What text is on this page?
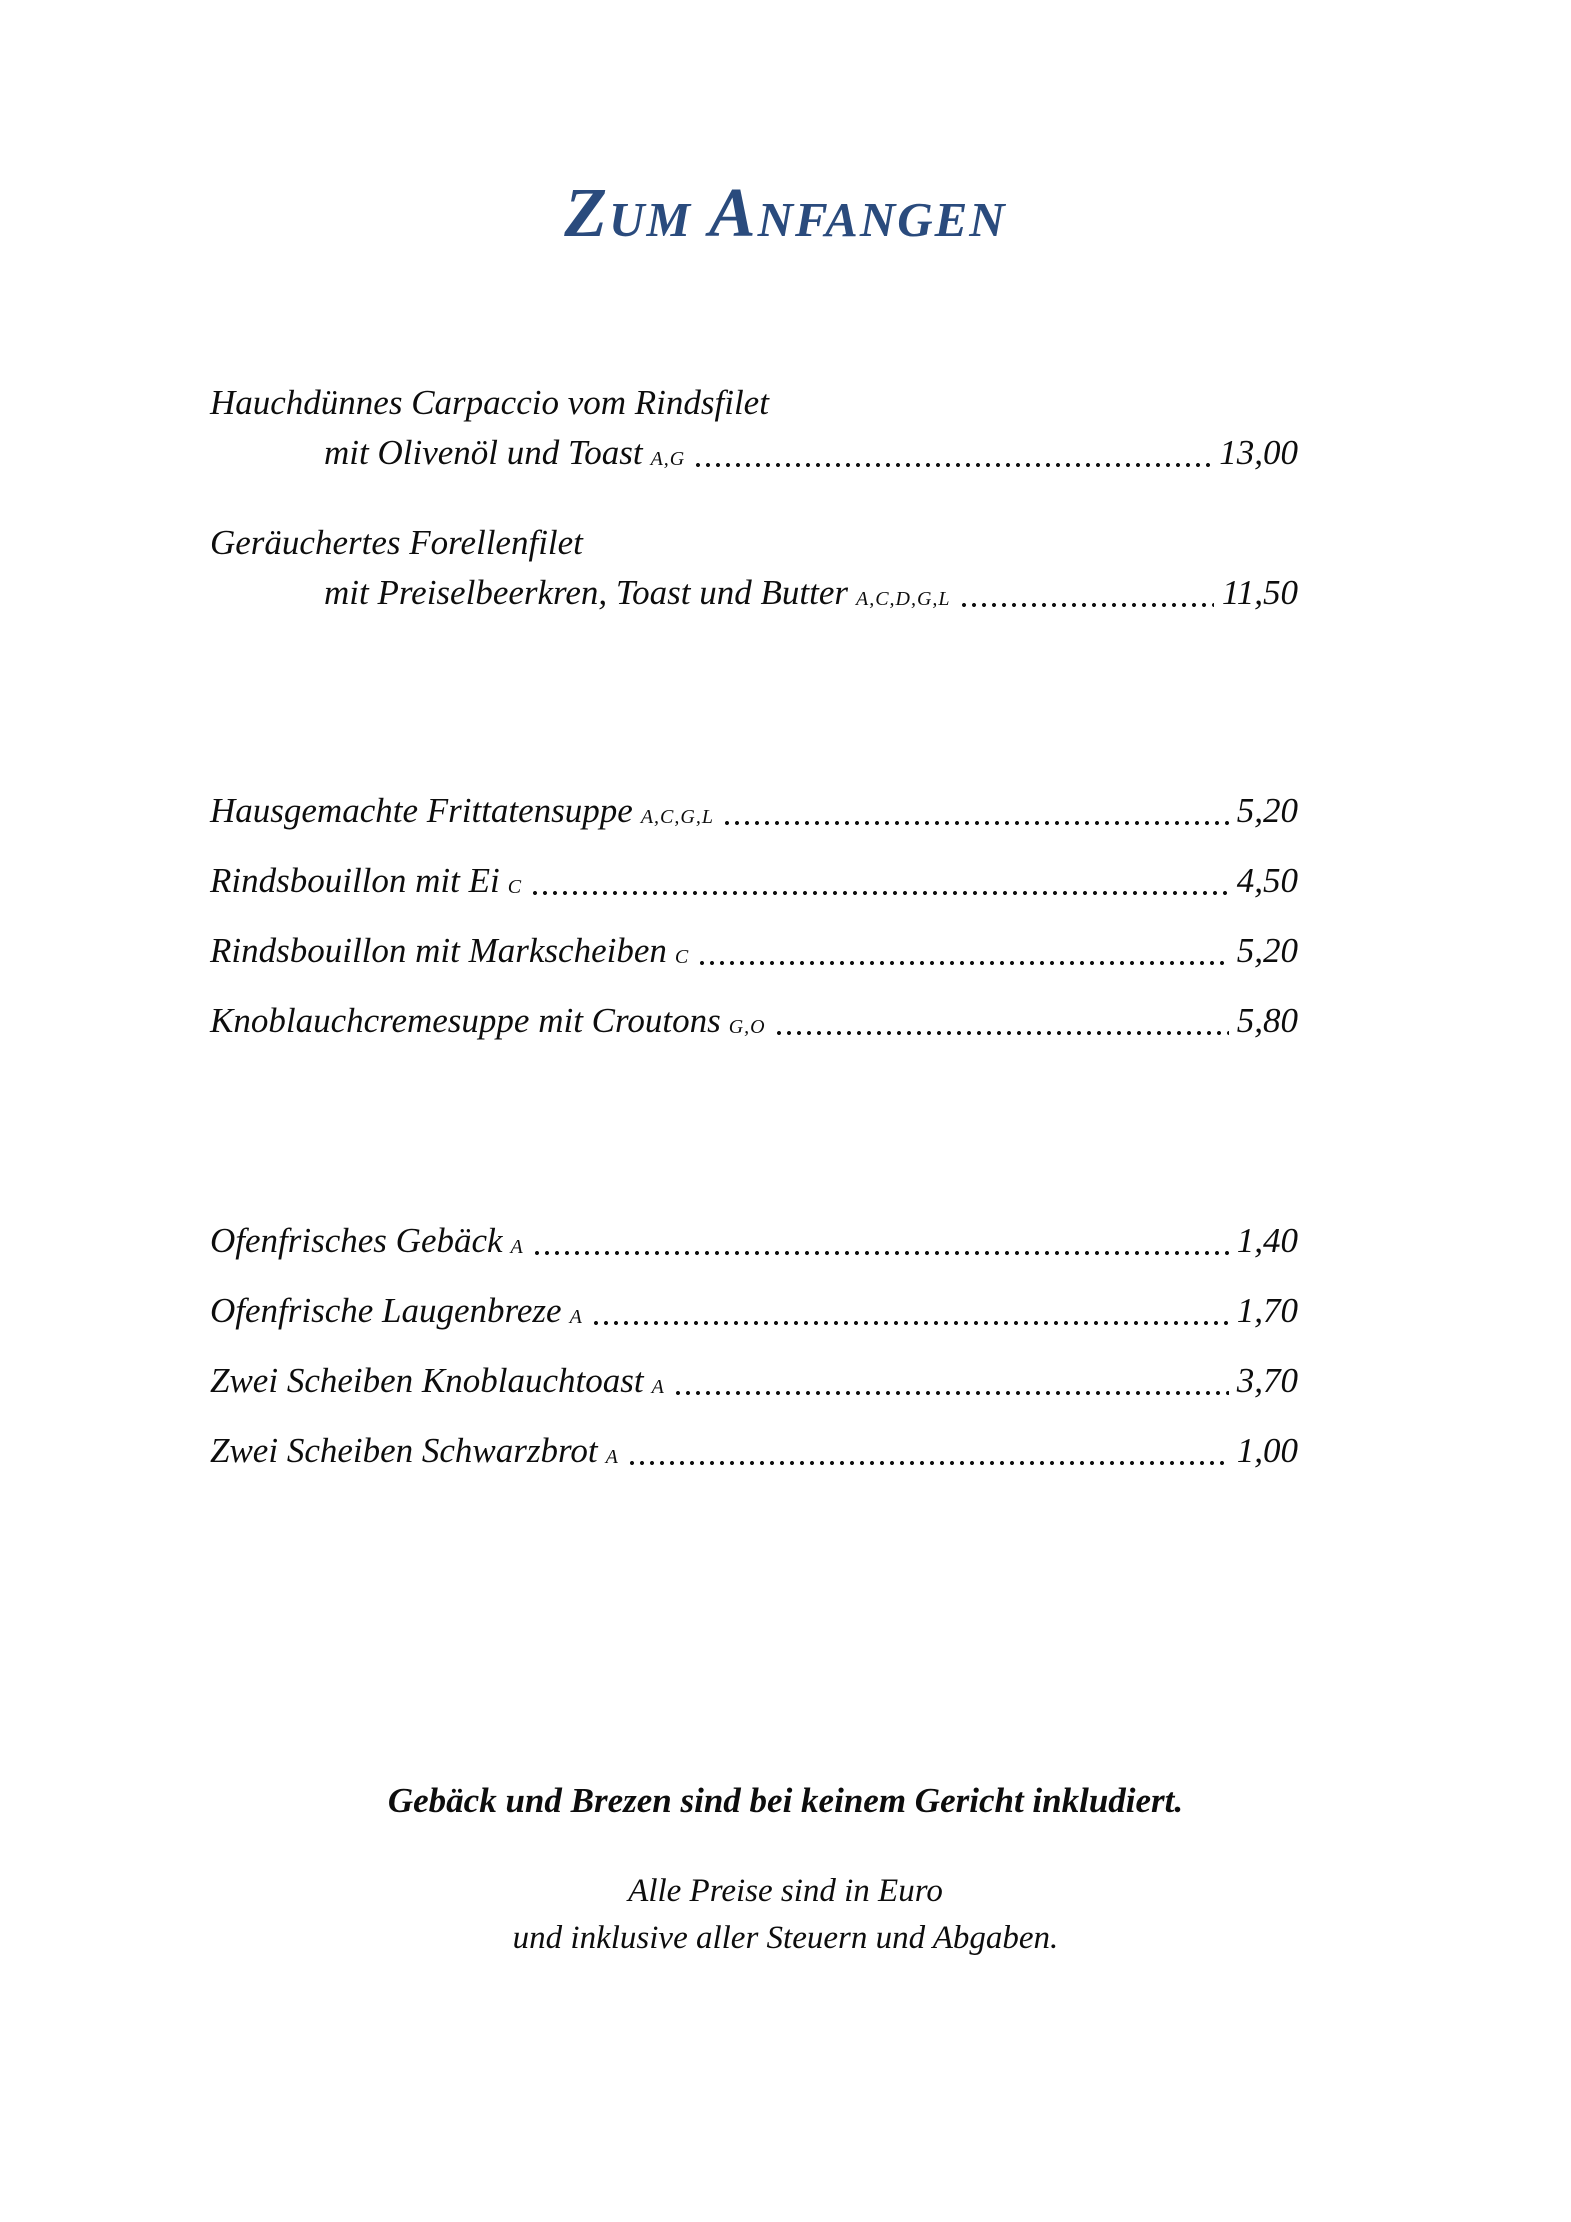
Zum Anfangen
Hauchdünnes Carpaccio vom Rindsfilet
mit Olivenöl und Toast A,G	13,00
Geräuchertes Forellenfilet
mit Preiselbeerkren, Toast und Butter A,C,D,G,L	11,50
Hausgemachte Frittatensuppe A,C,G,L	5,20
Rindsbouillon mit Ei C	4,50
Rindsbouillon mit Markscheiben C	5,20
Knoblauchcremesuppe mit Croutons G,O	5,80
Ofenfrisches Gebäck A	1,40
Ofenfrische Laugenbreze A	1,70
Zwei Scheiben Knoblauchtoast A	3,70
Zwei Scheiben Schwarzbrot A	1,00
Gebäck und Brezen sind bei keinem Gericht inkludiert.
Alle Preise sind in Euro
und inklusive aller Steuern und Abgaben.
